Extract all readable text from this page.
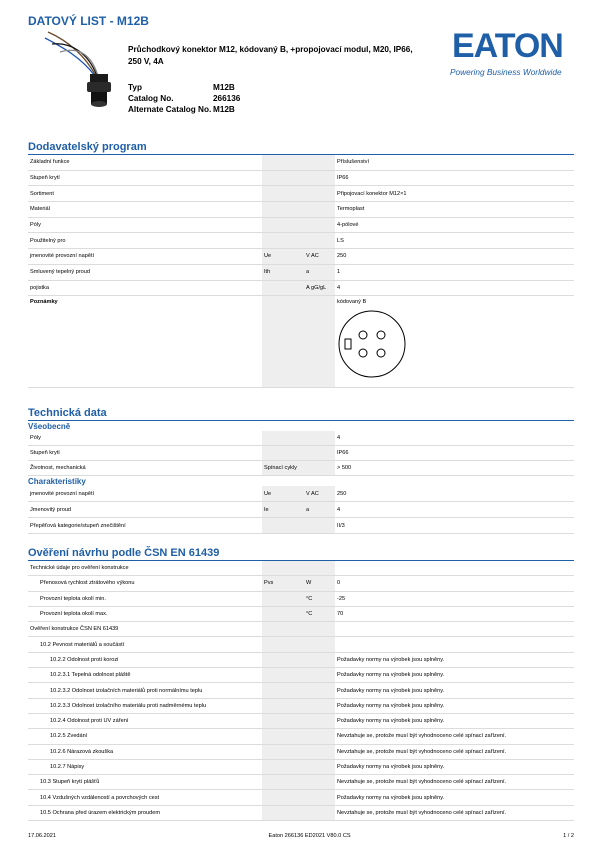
DATOVÝ LIST - M12B
Průchodkový konektor M12, kódovaný B, +propojovací modul, M20, IP66, 250 V, 4A	EATON
Powering Business Worldwide
Typ	M12B
Catalog No.	266136
Alternate Catalog No. M12B
Dodavatelský program
Základní funkce			Příslušenství
Stupeň krytí			IP66
Sortiment			Připojovací konektor M12×1
Materiál			Termoplast
Póly			4-pólové
Použitelný pro			LS
jmenovité provozní napětí	Ue	V AC	250
Smluvený tepelný proud	Ith	a	1
pojistka		A gG/gL	4
Poznámky			kódovaný B
Technická data
Všeobecně
Póly			4
Stupeň krytí			IP66
Životnost, mechanická	Spínací cykly		> 500
Charakteristiky
jmenovité provozní napětí	Ue	V AC	250
Jmenovitý proud	Ie	a	4
Přepěťová kategorie/stupeň znečištění			II/3
Ověření návrhu podle ČSN EN 61439
Technické údaje pro ověření konstrukce			
Přenosová rychlost ztrátového výkonu	Pvs	W	0
Provozní teplota okolí min.		°C	-25
Provozní teplota okolí max.		°C	70
Ověření konstrukce ČSN EN 61439			
10.2 Pevnost materiálů a součástí			
10.2.2 Odolnost proti korozi			Požadavky normy na výrobek jsou splněny.
10.2.3.1 Tepelná odolnost pláště			Požadavky normy na výrobek jsou splněny.
10.2.3.2 Odolnost izolačních materiálů proti normálnímu teplu			Požadavky normy na výrobek jsou splněny.
10.2.3.3 Odolnost izolačního materiálu proti nadměrnému teplu			Požadavky normy na výrobek jsou splněny.
10.2.4 Odolnost proti UV záření			Požadavky normy na výrobek jsou splněny.
10.2.5 Zvedání			Nevztahuje se, protože musí být vyhodnoceno celé spínací zařízení.
10.2.6 Nárazová zkouška			Nevztahuje se, protože musí být vyhodnoceno celé spínací zařízení.
10.2.7 Nápisy			Požadavky normy na výrobek jsou splněny.
10.3 Stupeň krytí plášťů			Nevztahuje se, protože musí být vyhodnoceno celé spínací zařízení.
10.4 Vzdušných vzdáleností a povrchových cest			Požadavky normy na výrobek jsou splněny.
10.5 Ochrana před úrazem elektrickým proudem			Nevztahuje se, protože musí být vyhodnoceno celé spínací zařízení.
17.06.2021	Eaton 266136 ED2021 V80.0 CS	1 / 2
